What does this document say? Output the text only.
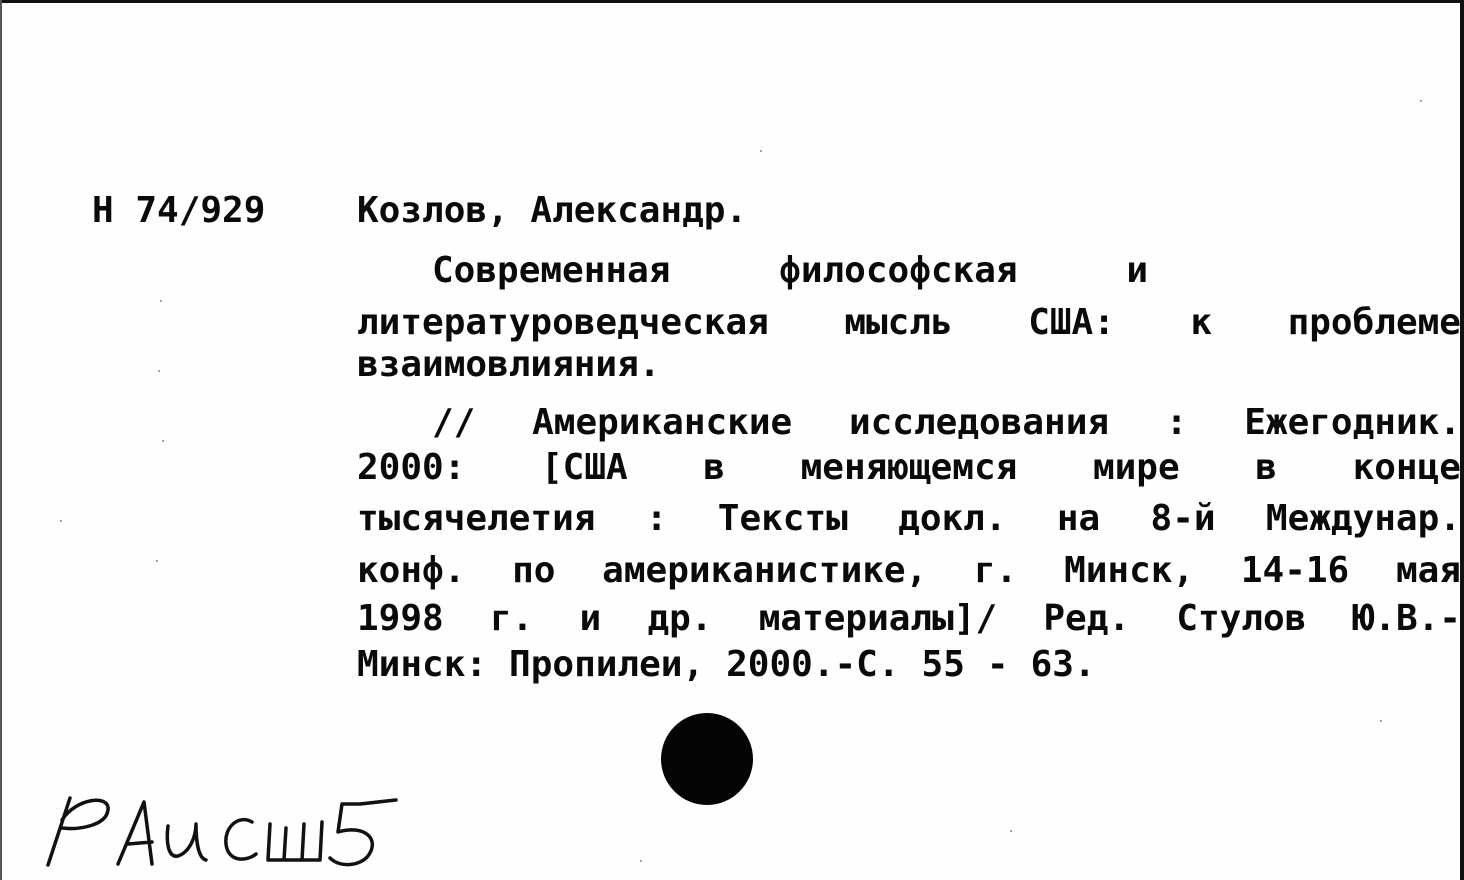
Н 74/929	Козлов, Александр.
Современная	философская	и
литературоведческая мысль США: к проблеме
взаимовлияния.
// Американские исследования : Ежегодник.
2000: [США в меняющемся мире в конце
тысячелетия : Тексты докл. на 8-й Междунар.
конф. по американистике, г. Минск, 14-16 мая
1998 г. и др. материалы]/ Ред. Стулов Ю.В.-
Минск: Пропилеи, 2000.-С. 55 - 63.
